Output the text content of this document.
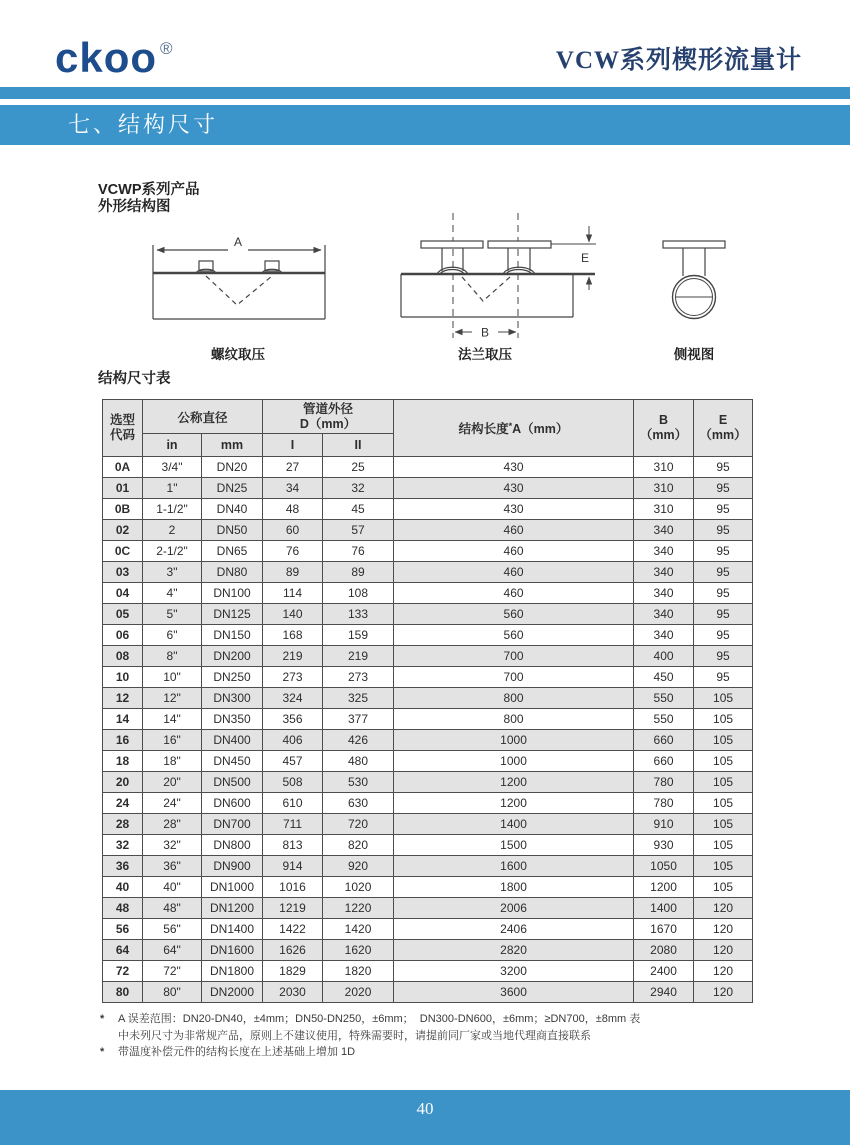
ckoo ®	VCW系列楔形流量计
七、结构尺寸
VCWP系列产品
外形结构图
A
B
E
螺纹取压	法兰取压	侧视图
结构尺寸表
选型
代码	公称直径		管道外径
D（mm）		结构长度*A（mm）	B
（mm）	E
（mm）

	in	mm	I	II			
0A	3/4"	DN20	27	25	430	310	95
01	1"	DN25	34	32	430	310	95
0B	1-1/2"	DN40	48	45	430	310	95
02	2	DN50	60	57	460	340	95
0C	2-1/2"	DN65	76	76	460	340	95
03	3"	DN80	89	89	460	340	95
04	4"	DN100	114	108	460	340	95
05	5"	DN125	140	133	560	340	95
06	6"	DN150	168	159	560	340	95
08	8"	DN200	219	219	700	400	95
10	10"	DN250	273	273	700	450	95
12	12"	DN300	324	325	800	550	105
14	14"	DN350	356	377	800	550	105
16	16"	DN400	406	426	1000	660	105
18	18"	DN450	457	480	1000	660	105
20	20"	DN500	508	530	1200	780	105
24	24"	DN600	610	630	1200	780	105
28	28"	DN700	711	720	1400	910	105
32	32"	DN800	813	820	1500	930	105
36	36"	DN900	914	920	1600	1050	105
40	40"	DN1000	1016	1020	1800	1200	105
48	48"	DN1200	1219	1220	2006	1400	120
56	56"	DN1400	1422	1420	2406	1670	120
64	64"	DN1600	1626	1620	2820	2080	120
72	72"	DN1800	1829	1820	3200	2400	120
80	80"	DN2000	2030	2020	3600	2940	120
*	A 误差范围：DN20-DN40，±4mm；DN50-DN250，±6mm；  DN300-DN600，±6mm；≥DN700，±8mm 表
中未列尺寸为非常规产品，原则上不建议使用，特殊需要时，请提前同厂家或当地代理商直接联系
*	带温度补偿元件的结构长度在上述基础上增加 1D
40
